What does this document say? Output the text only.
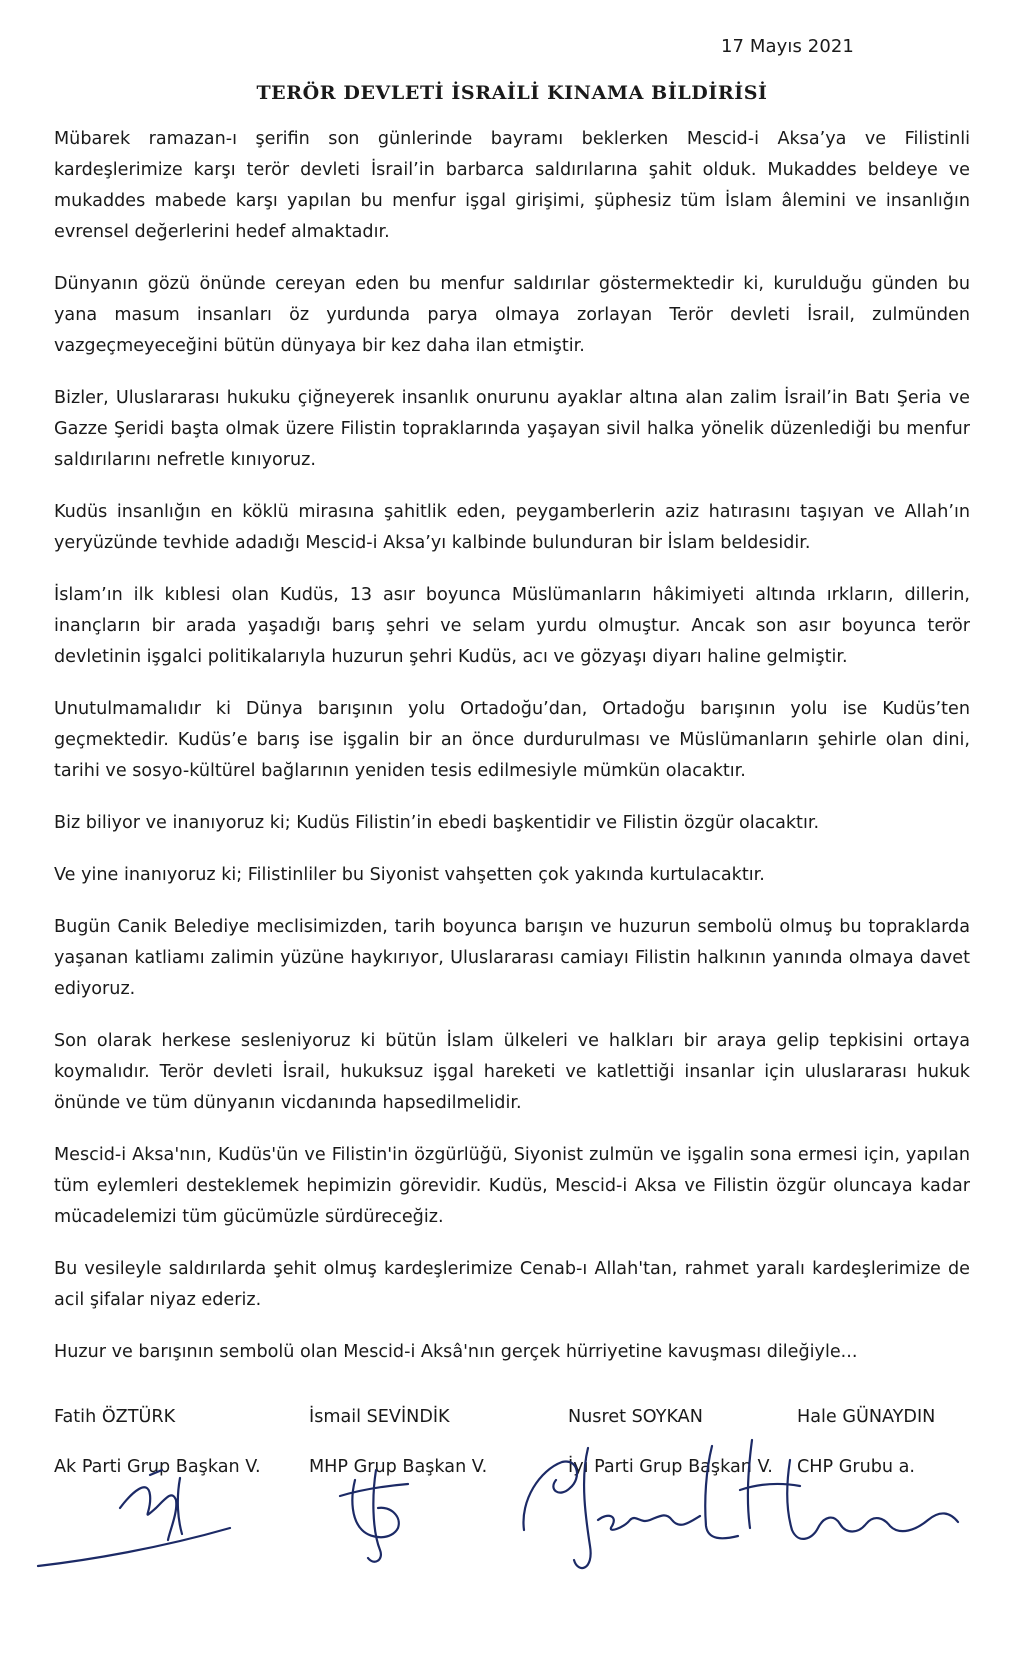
17 Mayıs 2021
TERÖR DEVLETİ İSRAİLİ KINAMA BİLDİRİSİ

Mübarek ramazan-ı şerifin son günlerinde bayramı beklerken Mescid-i Aksa’ya ve Filistinli kardeşlerimize karşı terör devleti İsrail’in barbarca saldırılarına şahit olduk. Mukaddes beldeye ve mukaddes mabede karşı yapılan bu menfur işgal girişimi, şüphesiz tüm İslam âlemini ve insanlığın evrensel değerlerini hedef almaktadır.

Dünyanın gözü önünde cereyan eden bu menfur saldırılar göstermektedir ki, kurulduğu günden bu yana masum insanları öz yurdunda parya olmaya zorlayan Terör devleti İsrail, zulmünden vazgeçmeyeceğini bütün dünyaya bir kez daha ilan etmiştir.

Bizler, Uluslararası hukuku çiğneyerek insanlık onurunu ayaklar altına alan zalim İsrail’in Batı Şeria ve Gazze Şeridi başta olmak üzere Filistin topraklarında yaşayan sivil halka yönelik düzenlediği bu menfur saldırılarını nefretle kınıyoruz.

Kudüs insanlığın en köklü mirasına şahitlik eden, peygamberlerin aziz hatırasını taşıyan ve Allah’ın yeryüzünde tevhide adadığı Mescid-i Aksa’yı kalbinde bulunduran bir İslam beldesidir.

İslam’ın ilk kıblesi olan Kudüs, 13 asır boyunca Müslümanların hâkimiyeti altında ırkların, dillerin, inançların bir arada yaşadığı barış şehri ve selam yurdu olmuştur. Ancak son asır boyunca terör devletinin işgalci politikalarıyla huzurun şehri Kudüs, acı ve gözyaşı diyarı haline gelmiştir.

Unutulmamalıdır ki Dünya barışının yolu Ortadoğu’dan, Ortadoğu barışının yolu ise Kudüs’ten geçmektedir. Kudüs’e barış ise işgalin bir an önce durdurulması ve Müslümanların şehirle olan dini, tarihi ve sosyo-kültürel bağlarının yeniden tesis edilmesiyle mümkün olacaktır.

Biz biliyor ve inanıyoruz ki; Kudüs Filistin’in ebedi başkentidir ve Filistin özgür olacaktır.

Ve yine inanıyoruz ki; Filistinliler bu Siyonist vahşetten çok yakında kurtulacaktır.

Bugün Canik Belediye meclisimizden, tarih boyunca barışın ve huzurun sembolü olmuş bu topraklarda yaşanan katliamı zalimin yüzüne haykırıyor, Uluslararası camiayı Filistin halkının yanında olmaya davet ediyoruz.

Son olarak herkese sesleniyoruz ki bütün İslam ülkeleri ve halkları bir araya gelip tepkisini ortaya koymalıdır. Terör devleti İsrail, hukuksuz işgal hareketi ve katlettiği insanlar için uluslararası hukuk önünde ve tüm dünyanın vicdanında hapsedilmelidir.

Mescid-i Aksa'nın, Kudüs'ün ve Filistin'in özgürlüğü, Siyonist zulmün ve işgalin sona ermesi için, yapılan tüm eylemleri desteklemek hepimizin görevidir. Kudüs, Mescid-i Aksa ve Filistin özgür oluncaya kadar mücadelemizi tüm gücümüzle sürdüreceğiz.

Bu vesileyle saldırılarda şehit olmuş kardeşlerimize Cenab-ı Allah'tan, rahmet yaralı kardeşlerimize de acil şifalar niyaz ederiz.

Huzur ve barışının sembolü olan Mescid-i Aksâ'nın gerçek hürriyetine kavuşması dileğiyle...

Fatih ÖZTÜRK
Ak Parti Grup Başkan V.
İsmail SEVİNDİK
MHP Grup Başkan V.
Nusret SOYKAN
İyi Parti Grup Başkan V.
Hale GÜNAYDIN
CHP Grubu a.
